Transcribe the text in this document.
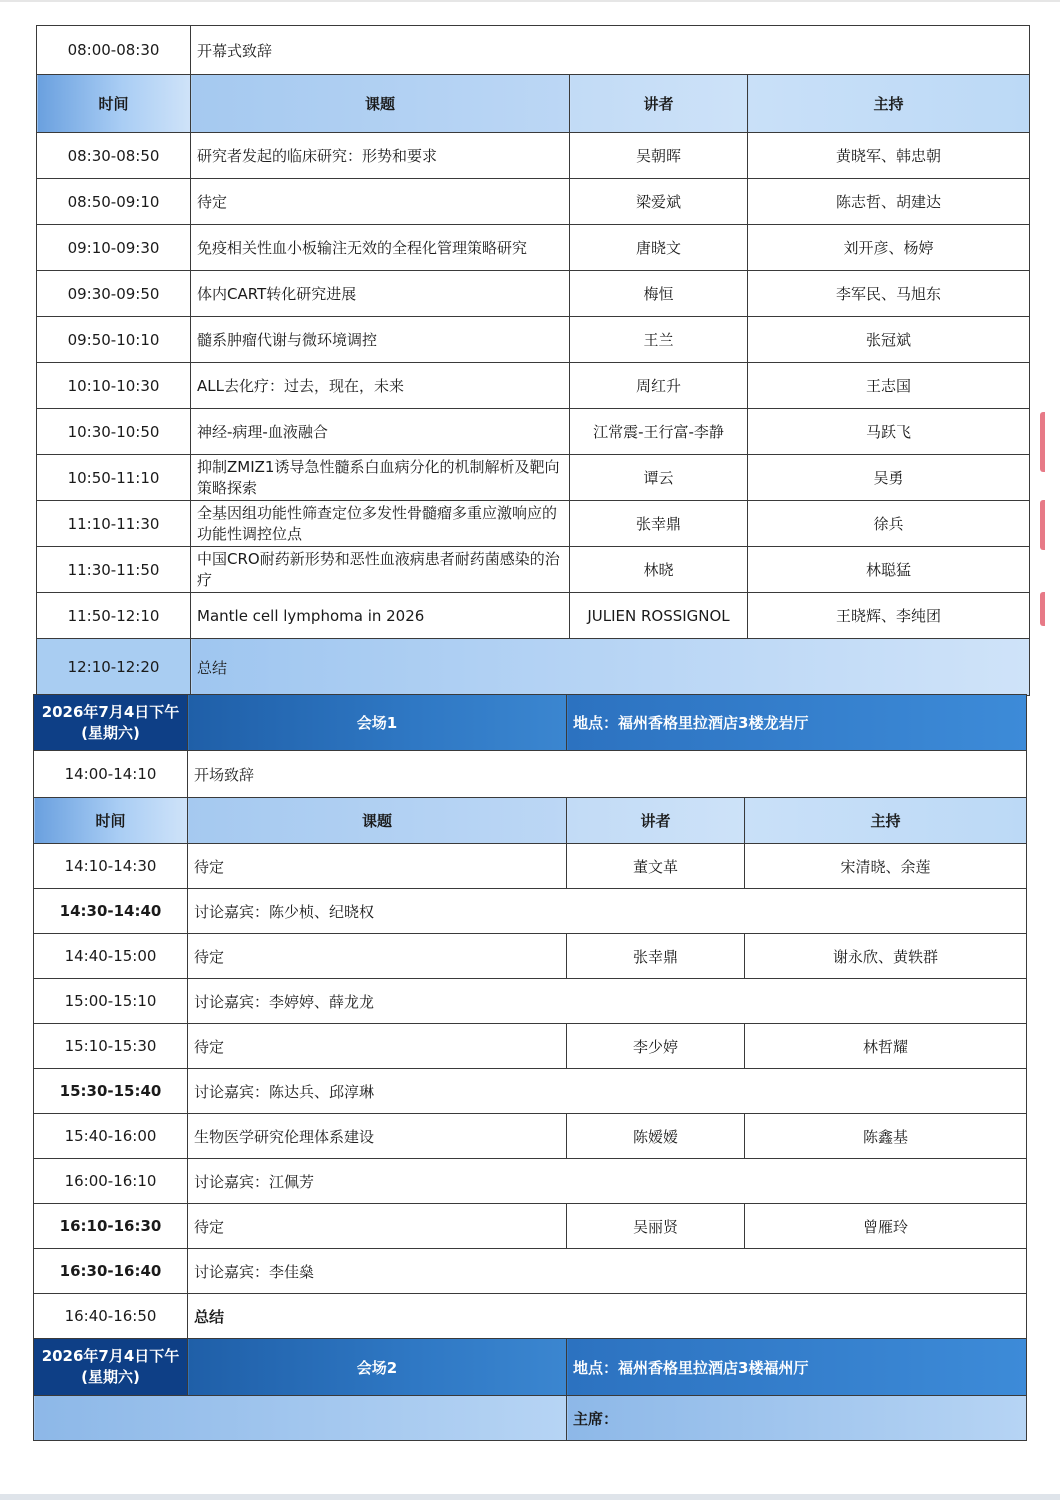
08:00-08:30	开幕式致辞		
时间	课题	讲者	主持
08:30-08:50	研究者发起的临床研究：形势和要求	吴朝晖	黄晓军、韩忠朝
08:50-09:10	待定	梁爱斌	陈志哲、胡建达
09:10-09:30	免疫相关性血小板输注无效的全程化管理策略研究	唐晓文	刘开彦、杨婷
09:30-09:50	体内CART转化研究进展	梅恒	李军民、马旭东
09:50-10:10	髓系肿瘤代谢与微环境调控	王兰	张冠斌
10:10-10:30	ALL去化疗：过去，现在，未来	周红升	王志国
10:30-10:50	神经-病理-血液融合	江常震-王行富-李静	马跃飞
10:50-11:10	抑制ZMIZ1诱导急性髓系白血病分化的机制解析及靶向策略探索	谭云	吴勇
11:10-11:30	全基因组功能性筛查定位多发性骨髓瘤多重应激响应的功能性调控位点	张幸鼎	徐兵
11:30-11:50	中国CRO耐药新形势和恶性血液病患者耐药菌感染的治疗	林晓	林聪猛
11:50-12:10	Mantle cell lymphoma in 2026	JULIEN ROSSIGNOL	王晓辉、李纯团
12:10-12:20	总结		
2026年7月4日下午
(星期六)	会场1	地点：福州香格里拉酒店3楼龙岩厅	
14:00-14:10	开场致辞		
时间	课题	讲者	主持
14:10-14:30	待定	董文革	宋清晓、余莲
14:30-14:40	讨论嘉宾：陈少桢、纪晓权		
14:40-15:00	待定	张幸鼎	谢永欣、黄轶群
15:00-15:10	讨论嘉宾：李婷婷、薛龙龙		
15:10-15:30	待定	李少婷	林哲耀
15:30-15:40	讨论嘉宾：陈达兵、邱淳琳		
15:40-16:00	生物医学研究伦理体系建设	陈嫒嫒	陈鑫基
16:00-16:10	讨论嘉宾：江佩芳		
16:10-16:30	待定	吴丽贤	曾雁玲
16:30-16:40	讨论嘉宾：李佳燊		
16:40-16:50	总结		

2026年7月4日下午
(星期六)	会场2	地点：福州香格里拉酒店3楼福州厅	
		主席：	
